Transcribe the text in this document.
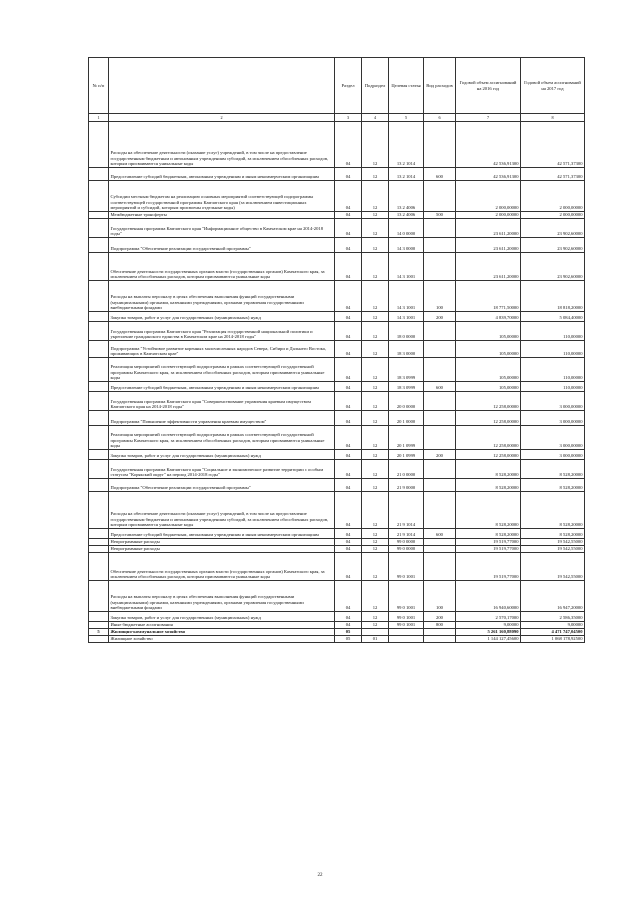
№ п/п		Раздел	Подраздел	Целевая статья	Вид расходов	Годовой объем ассигнований на 2016 год	Годовой объем ассигнований на 2017 год
1	2	3	4	5	6	7	8
	Расходы на обеспечение деятельности (оказание услуг) учреждений, в том числе на предоставление государственным бюджетным и автономным учреждениям субсидий, за исключением обособленных расходов, которым присваиваются уникальные коды	04	12	13 2 1014		42 536,91300	42 571,37300
	Предоставление субсидий бюджетным, автономным учреждениям и иным некоммерческим организациям	04	12	13 2 1014	600	42 536,91300	42 571,37300
	Субсидии местным бюджетам на реализацию основных мероприятий соответствующей подпрограммы соответствующей государственной программы Камчатского края (за исключением инвестиционных мероприятий и субсидий, которым присвоены отдельные коды)	04	12	13 2 4006		2 000,00000	2 000,00000
	Межбюджетные трансферты	04	12	13 2 4006	500	2 000,00000	2 000,00000
	Государственная программа Камчатского края "Информационное общество в Камчатском крае на 2014-2018 годы"	04	12	14 0 0000		23 611,20000	23 902,60000
	Подпрограмма "Обеспечение реализации государственной программы"	04	12	14 3 0000		23 611,20000	23 902,60000
	Обеспечение деятельности государственных органов власти (государственных органов) Камчатского края, за исключением обособленных расходов, которым присваиваются уникальные коды	04	12	14 3 1001		23 611,20000	23 902,60000
	Расходы на выплаты персоналу в целях обеспечения выполнения функций государственными (муниципальными) органами, казенными учреждениями, органами управления государственными внебюджетными фондами	04	12	14 3 1001	100	18 771,50000	18 818,20000
	Закупка товаров, работ и услуг для государственных (муниципальных) нужд	04	12	14 3 1001	200	4 839,70000	5 084,40000
	Государственная программа Камчатского края "Реализация государственной национальной политики и укрепление гражданского единства в Камчатском крае на 2014-2018 годы"	04	12	18 0 0000		105,00000	110,00000
	Подпрограмма "Устойчивое развитие коренных малочисленных народов Севера, Сибири и Дальнего Востока, проживающих в Камчатском крае"	04	12	18 3 0000		105,00000	110,00000
	Реализация мероприятий соответствующей подпрограммы в рамках соответствующей государственной программы Камчатского края, за исключением обособленных расходов, которым присваиваются уникальные коды	04	12	18 3 0999		105,00000	110,00000
	Предоставление субсидий бюджетным, автономным учреждениям и иным некоммерческим организациям	04	12	18 3 0999	600	105,00000	110,00000
	Государственная программа Камчатского края "Совершенствование управления краевым имуществом Камчатского края на 2014-2018 годы"	04	12	20 0 0000		12 258,00000	3 000,00000
	Подпрограмма "Повышение эффективности управления краевым имуществом"	04	12	20 1 0000		12 258,00000	3 000,00000
	Реализация мероприятий соответствующей подпрограммы в рамках соответствующей государственной программы Камчатского края, за исключением обособленных расходов, которым присваиваются уникальные коды	04	12	20 1 0999		12 258,00000	3 000,00000
	Закупка товаров, работ и услуг для государственных (муниципальных) нужд	04	12	20 1 0999	200	12 258,00000	3 000,00000
	Государственная программа Камчатского края "Социальное и экономическое развитие территории с особым статусом "Корякский округ" на период 2014-2018 годы"	04	12	21 0 0000		8 528,20000	8 528,20000
	Подпрограмма "Обеспечение реализации государственной программы"	04	12	21 9 0000		8 528,20000	8 528,20000
	Расходы на обеспечение деятельности (оказание услуг) учреждений, в том числе на предоставление государственным бюджетным и автономным учреждениям субсидий, за исключением обособленных расходов, которым присваиваются уникальные коды	04	12	21 9 1014		8 528,20000	8 528,20000
	Предоставление субсидий бюджетным, автономным учреждениям и иным некоммерческим организациям	04	12	21 9 1014	600	8 528,20000	8 528,20000
	Непрограммные расходы	04	12	99 0 0000		19 519,77000	19 542,55000
	Непрограммные расходы	04	12	99 0 0000		19 519,77000	19 542,55000
	Обеспечение деятельности государственных органов власти (государственных органов) Камчатского края, за исключением обособленных расходов, которым присваиваются уникальные коды	04	12	99 0 1001		19 519,77000	19 542,55000
	Расходы на выплаты персоналу в целях обеспечения выполнения функций государственными (муниципальными) органами, казенными учреждениями, органами управления государственными внебюджетными фондами	04	12	99 0 1001	100	16 940,60000	16 947,20000
	Закупка товаров, работ и услуг для государственных (муниципальных) нужд	04	12	99 0 1001	200	2 570,17000	2 586,35000
	Иные бюджетные ассигнования	04	12	99 0 1001	800	9,00000	9,00000
5	Жилищно-коммунальное хозяйство	05				5 261 160,88090	4 471 747,04500
	Жилищное хозяйство	05	01			1 144 127,45600	1 068 178,92500
22
